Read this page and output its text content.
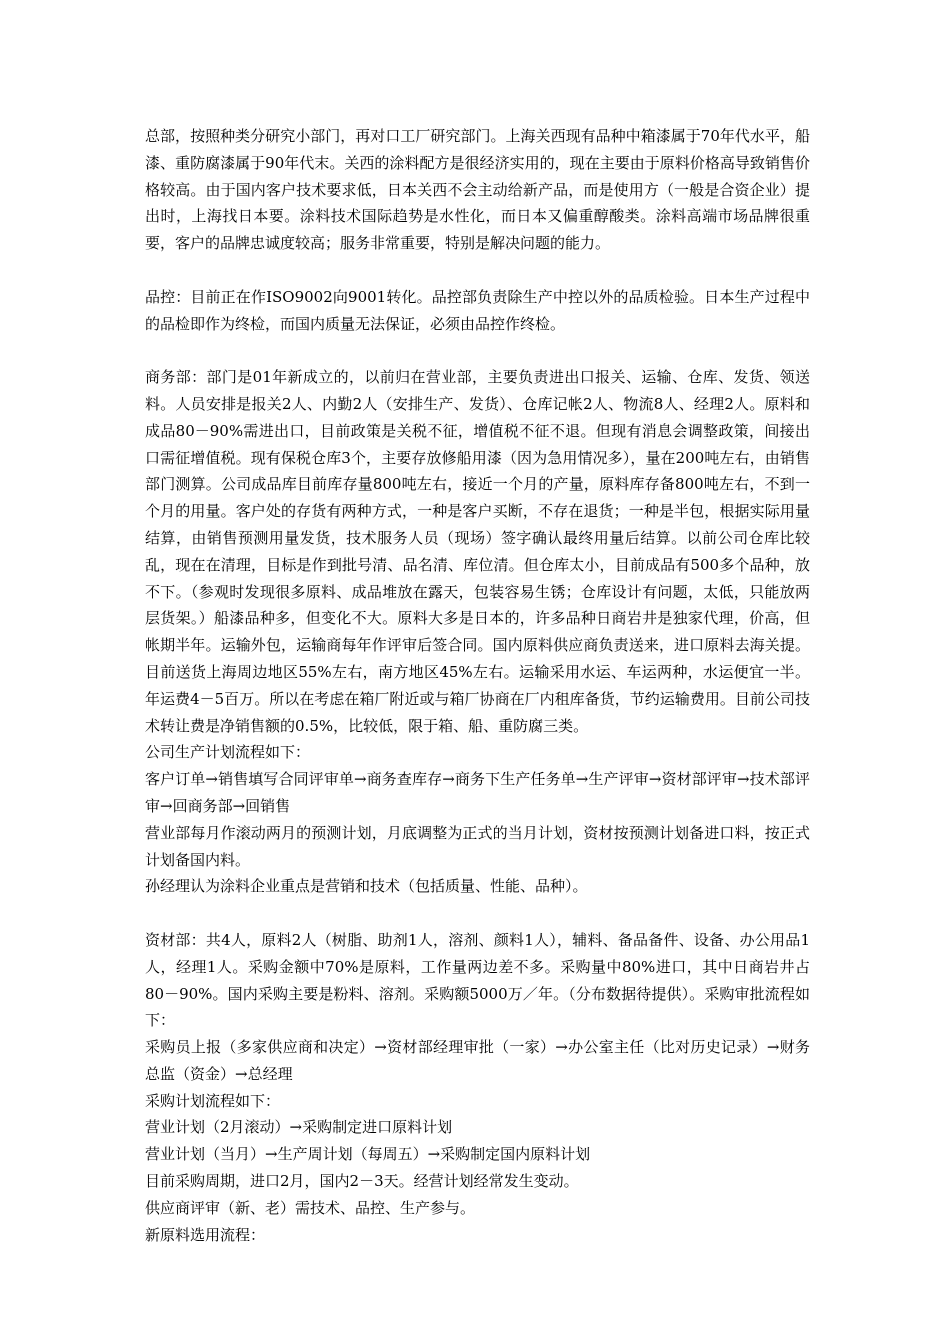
总部，按照种类分研究小部门，再对口工厂研究部门。上海关西现有品种中箱漆属于70年代水平，船漆、重防腐漆属于90年代末。关西的涂料配方是很经济实用的，现在主要由于原料价格高导致销售价格较高。由于国内客户技术要求低，日本关西不会主动给新产品，而是使用方（一般是合资企业）提出时，上海找日本要。涂料技术国际趋势是水性化，而日本又偏重醇酸类。涂料高端市场品牌很重要，客户的品牌忠诚度较高；服务非常重要，特别是解决问题的能力。

品控：目前正在作ISO9002向9001转化。品控部负责除生产中控以外的品质检验。日本生产过程中的品检即作为终检，而国内质量无法保证，必须由品控作终检。

商务部：部门是01年新成立的，以前归在营业部，主要负责进出口报关、运输、仓库、发货、领送料。人员安排是报关2人、内勤2人（安排生产、发货）、仓库记帐2人、物流8人、经理2人。原料和成品80－90%需进出口，目前政策是关税不征，增值税不征不退。但现有消息会调整政策，间接出口需征增值税。现有保税仓库3个，主要存放修船用漆（因为急用情况多），量在200吨左右，由销售部门测算。公司成品库目前库存量800吨左右，接近一个月的产量，原料库存备800吨左右，不到一个月的用量。客户处的存货有两种方式，一种是客户买断，不存在退货；一种是半包，根据实际用量结算，由销售预测用量发货，技术服务人员（现场）签字确认最终用量后结算。以前公司仓库比较乱，现在在清理，目标是作到批号清、品名清、库位清。但仓库太小，目前成品有500多个品种，放不下。（参观时发现很多原料、成品堆放在露天，包装容易生锈；仓库设计有问题，太低，只能放两层货架。）船漆品种多，但变化不大。原料大多是日本的，许多品种日商岩井是独家代理，价高，但帐期半年。运输外包，运输商每年作评审后签合同。国内原料供应商负责送来，进口原料去海关提。目前送货上海周边地区55%左右，南方地区45%左右。运输采用水运、车运两种，水运便宜一半。年运费4－5百万。所以在考虑在箱厂附近或与箱厂协商在厂内租库备货，节约运输费用。目前公司技术转让费是净销售额的0.5%，比较低，限于箱、船、重防腐三类。

公司生产计划流程如下：

客户订单→销售填写合同评审单→商务查库存→商务下生产任务单→生产评审→资材部评审→技术部评审→回商务部→回销售

营业部每月作滚动两月的预测计划，月底调整为正式的当月计划，资材按预测计划备进口料，按正式计划备国内料。

孙经理认为涂料企业重点是营销和技术（包括质量、性能、品种）。

资材部：共4人，原料2人（树脂、助剂1人，溶剂、颜料1人），辅料、备品备件、设备、办公用品1人，经理1人。采购金额中70%是原料，工作量两边差不多。采购量中80%进口，其中日商岩井占80－90%。国内采购主要是粉料、溶剂。采购额5000万／年。（分布数据待提供）。采购审批流程如下：

采购员上报（多家供应商和决定）→资材部经理审批（一家）→办公室主任（比对历史记录）→财务总监（资金）→总经理

采购计划流程如下：

营业计划（2月滚动）→采购制定进口原料计划

营业计划（当月）→生产周计划（每周五）→采购制定国内原料计划

目前采购周期，进口2月，国内2－3天。经营计划经常发生变动。

供应商评审（新、老）需技术、品控、生产参与。

新原料选用流程：
